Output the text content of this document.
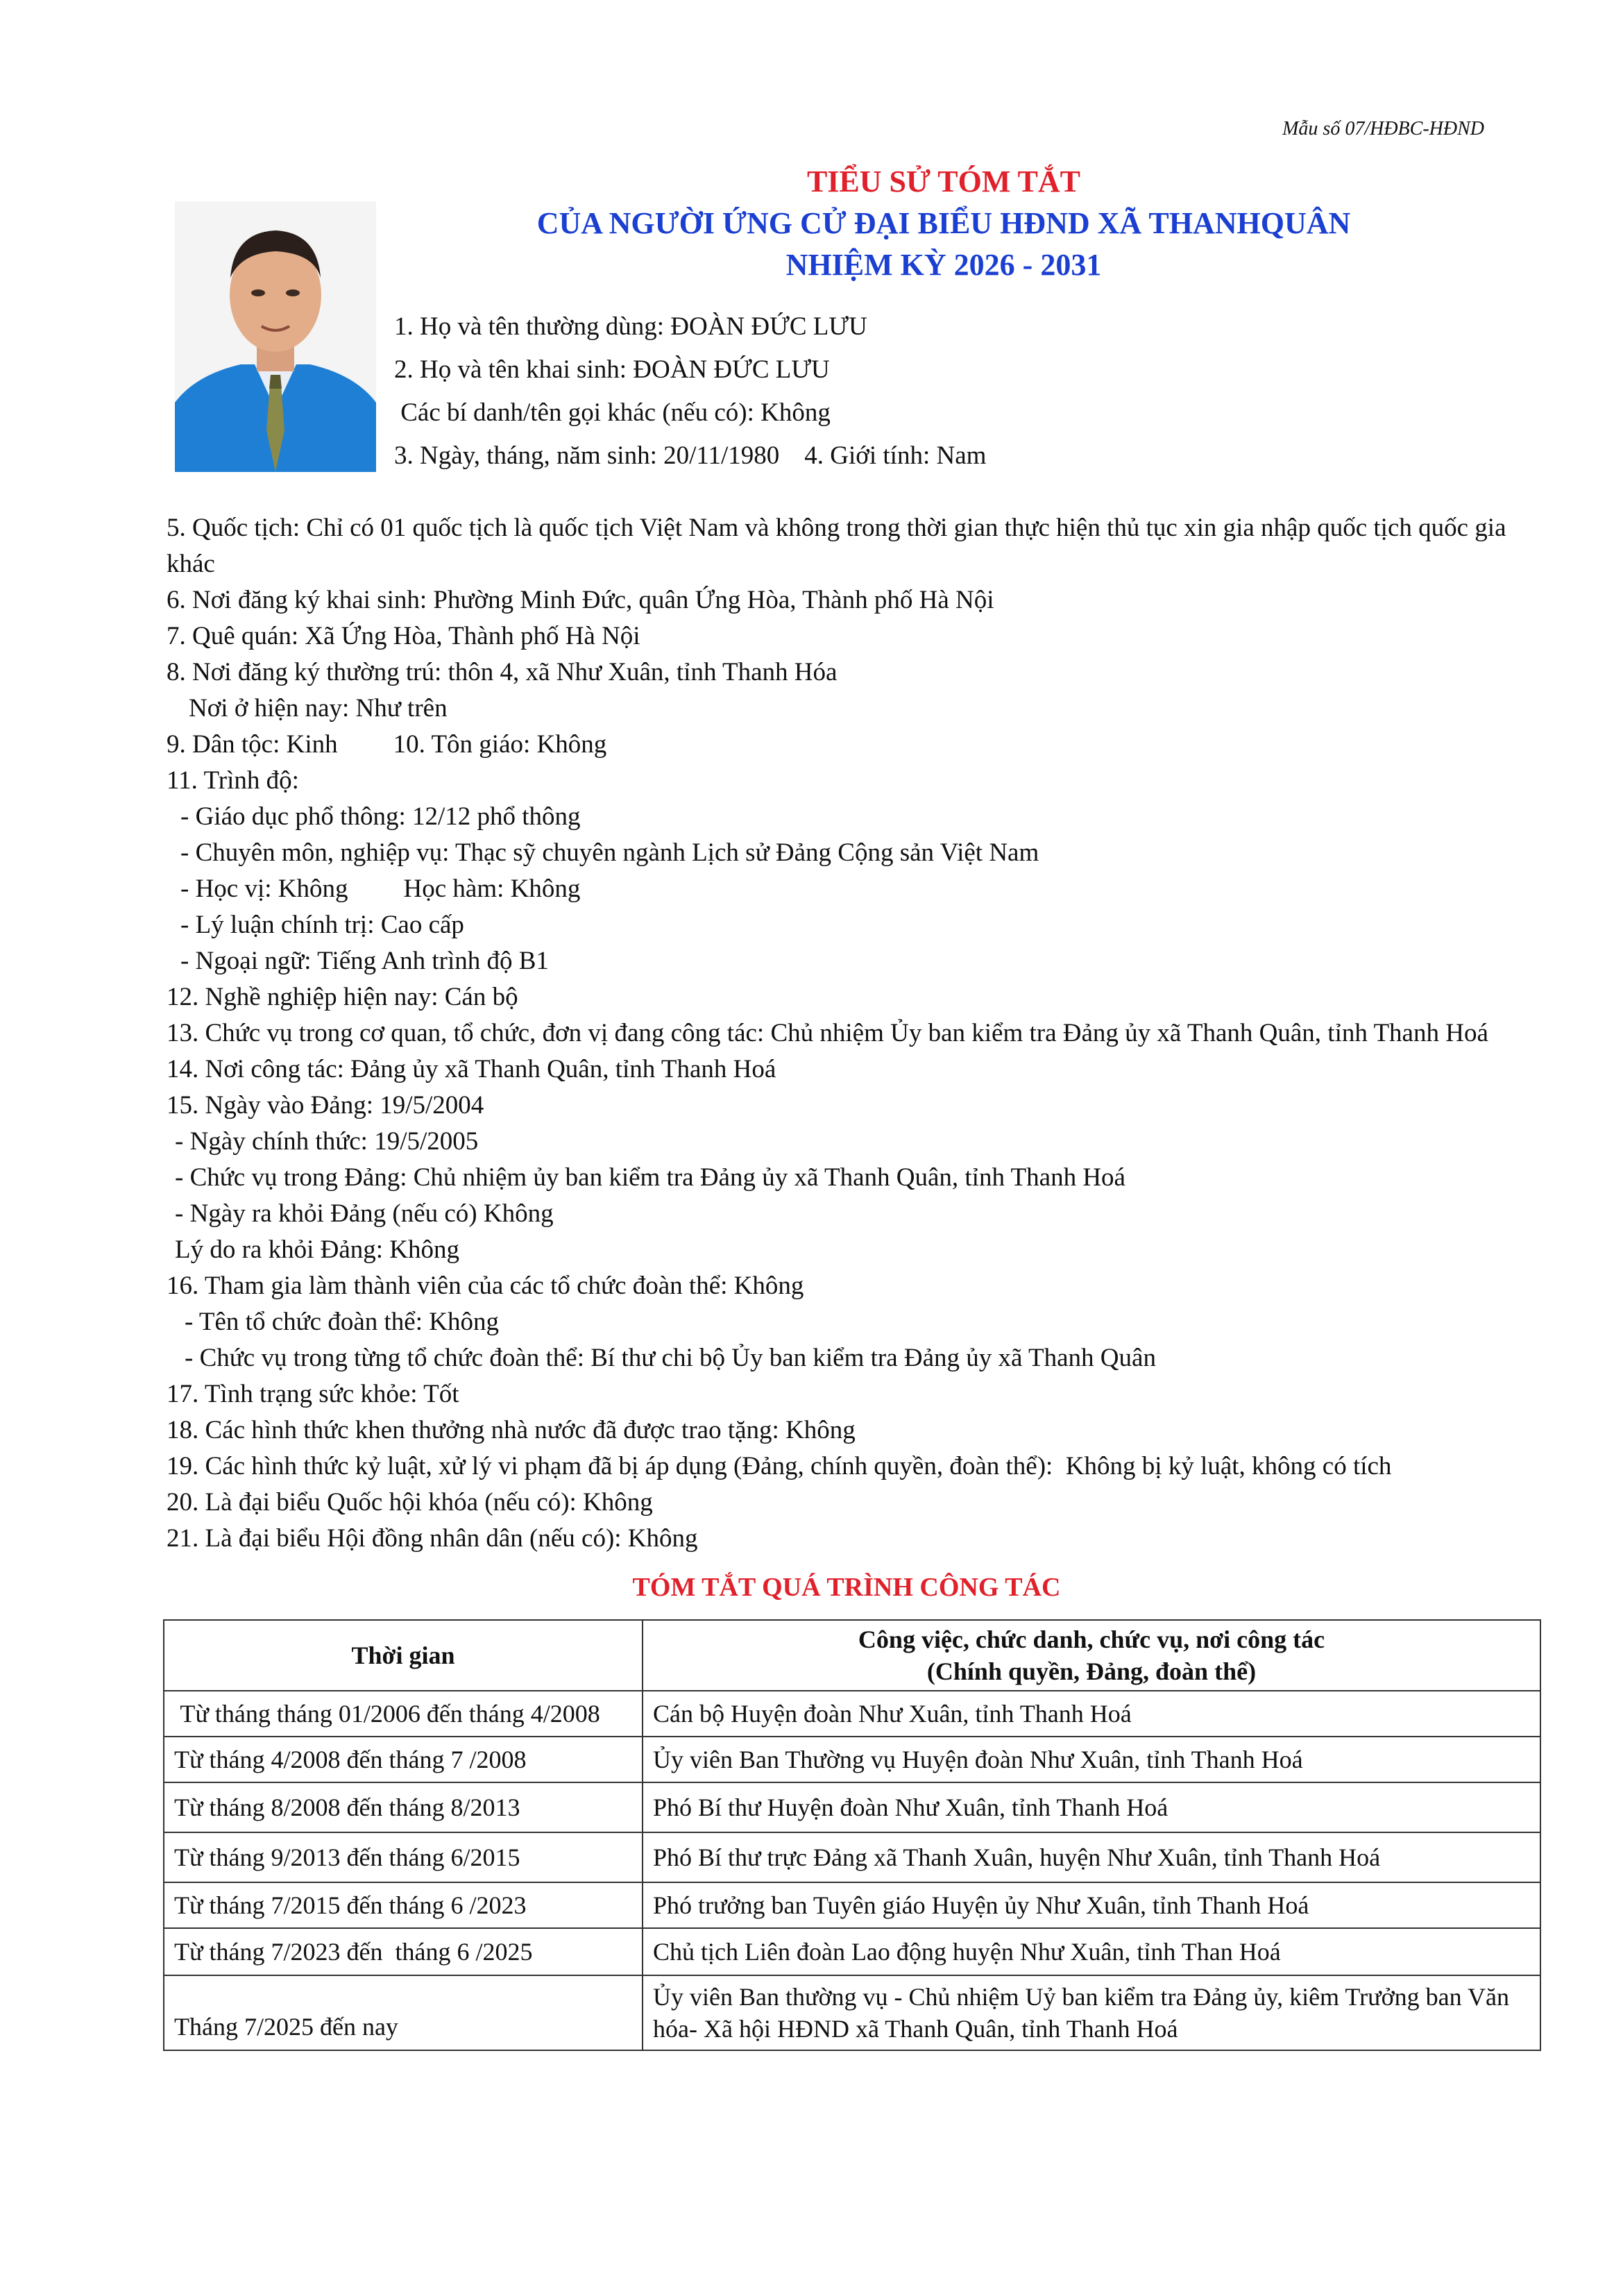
Mẫu số 07/HĐBC-HĐND
TIỂU SỬ TÓM TẮT
CỦA NGƯỜI ỨNG CỬ ĐẠI BIỂU HĐND XÃ THANHQUÂN
NHIỆM KỲ 2026 - 2031
1. Họ và tên thường dùng: ĐOÀN ĐỨC LƯU
2. Họ và tên khai sinh: ĐOÀN ĐỨC LƯU
Các bí danh/tên gọi khác (nếu có): Không
3. Ngày, tháng, năm sinh: 20/11/1980 4. Giới tính: Nam
5. Quốc tịch: Chỉ có 01 quốc tịch là quốc tịch Việt Nam và không trong thời gian thực hiện thủ tục xin gia nhập quốc tịch quốc gia khác
6. Nơi đăng ký khai sinh: Phường Minh Đức, quân Ứng Hòa, Thành phố Hà Nội
7. Quê quán: Xã Ứng Hòa, Thành phố Hà Nội
8. Nơi đăng ký thường trú: thôn 4, xã Như Xuân, tỉnh Thanh Hóa
Nơi ở hiện nay: Như trên
9. Dân tộc: Kinh 10. Tôn giáo: Không
11. Trình độ:
- Giáo dục phổ thông: 12/12 phổ thông
- Chuyên môn, nghiệp vụ: Thạc sỹ chuyên ngành Lịch sử Đảng Cộng sản Việt Nam
- Học vị: Không Học hàm: Không
- Lý luận chính trị: Cao cấp
- Ngoại ngữ: Tiếng Anh trình độ B1
12. Nghề nghiệp hiện nay: Cán bộ
13. Chức vụ trong cơ quan, tổ chức, đơn vị đang công tác: Chủ nhiệm Ủy ban kiểm tra Đảng ủy xã Thanh Quân, tỉnh Thanh Hoá
14. Nơi công tác: Đảng ủy xã Thanh Quân, tỉnh Thanh Hoá
15. Ngày vào Đảng: 19/5/2004
- Ngày chính thức: 19/5/2005
- Chức vụ trong Đảng: Chủ nhiệm ủy ban kiểm tra Đảng ủy xã Thanh Quân, tỉnh Thanh Hoá
- Ngày ra khỏi Đảng (nếu có) Không
Lý do ra khỏi Đảng: Không
16. Tham gia làm thành viên của các tổ chức đoàn thể: Không
- Tên tổ chức đoàn thể: Không
- Chức vụ trong từng tổ chức đoàn thể: Bí thư chi bộ Ủy ban kiểm tra Đảng ủy xã Thanh Quân
17. Tình trạng sức khỏe: Tốt
18. Các hình thức khen thưởng nhà nước đã được trao tặng: Không
19. Các hình thức kỷ luật, xử lý vi phạm đã bị áp dụng (Đảng, chính quyền, đoàn thể):  Không bị kỷ luật, không có tích
20. Là đại biểu Quốc hội khóa (nếu có): Không
21. Là đại biểu Hội đồng nhân dân (nếu có): Không
TÓM TẮT QUÁ TRÌNH CÔNG TÁC
Thời gian	Công việc, chức danh, chức vụ, nơi công tác
(Chính quyền, Đảng, đoàn thể)

Từ tháng tháng 01/2006 đến tháng 4/2008	Cán bộ Huyện đoàn Như Xuân, tỉnh Thanh Hoá
Từ tháng 4/2008 đến tháng 7 /2008	Ủy viên Ban Thường vụ Huyện đoàn Như Xuân, tỉnh Thanh Hoá
Từ tháng 8/2008 đến tháng 8/2013	Phó Bí thư Huyện đoàn Như Xuân, tỉnh Thanh Hoá
Từ tháng 9/2013 đến tháng 6/2015	Phó Bí thư trực Đảng xã Thanh Xuân, huyện Như Xuân, tỉnh Thanh Hoá
Từ tháng 7/2015 đến tháng 6 /2023	Phó trưởng ban Tuyên giáo Huyện ủy Như Xuân, tỉnh Thanh Hoá
Từ tháng 7/2023 đến  tháng 6 /2025	Chủ tịch Liên đoàn Lao động huyện Như Xuân, tỉnh Than Hoá
Tháng 7/2025 đến nay	Ủy viên Ban thường vụ - Chủ nhiệm Uỷ ban kiểm tra Đảng ủy, kiêm Trưởng ban Văn hóa- Xã hội HĐND xã Thanh Quân, tỉnh Thanh Hoá
